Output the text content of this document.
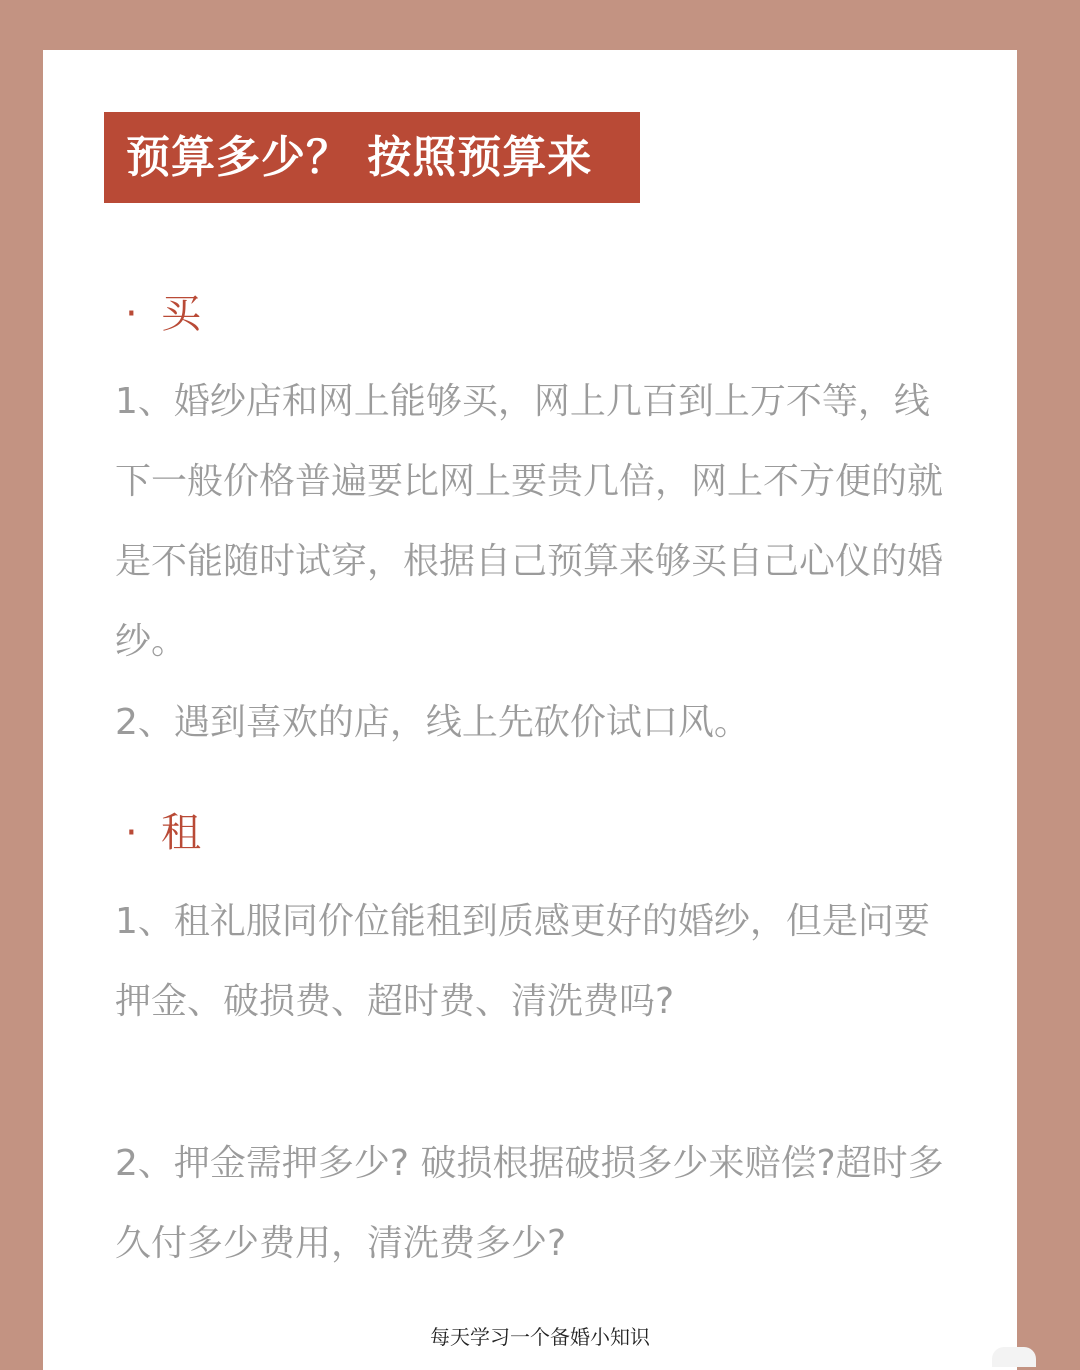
预算多少？ 按照预算来
· 买

1、婚纱店和网上能够买，网上几百到上万不等，线下一般价格普遍要比网上要贵几倍，网上不方便的就是不能随时试穿，根据自己预算来够买自己心仪的婚纱。

2、遇到喜欢的店，线上先砍价试口风。

· 租

1、租礼服同价位能租到质感更好的婚纱，但是问要押金、破损费、超时费、清洗费吗?

2、押金需押多少? 破损根据破损多少来赔偿?超时多久付多少费用，清洗费多少?

每天学习一个备婚小知识
